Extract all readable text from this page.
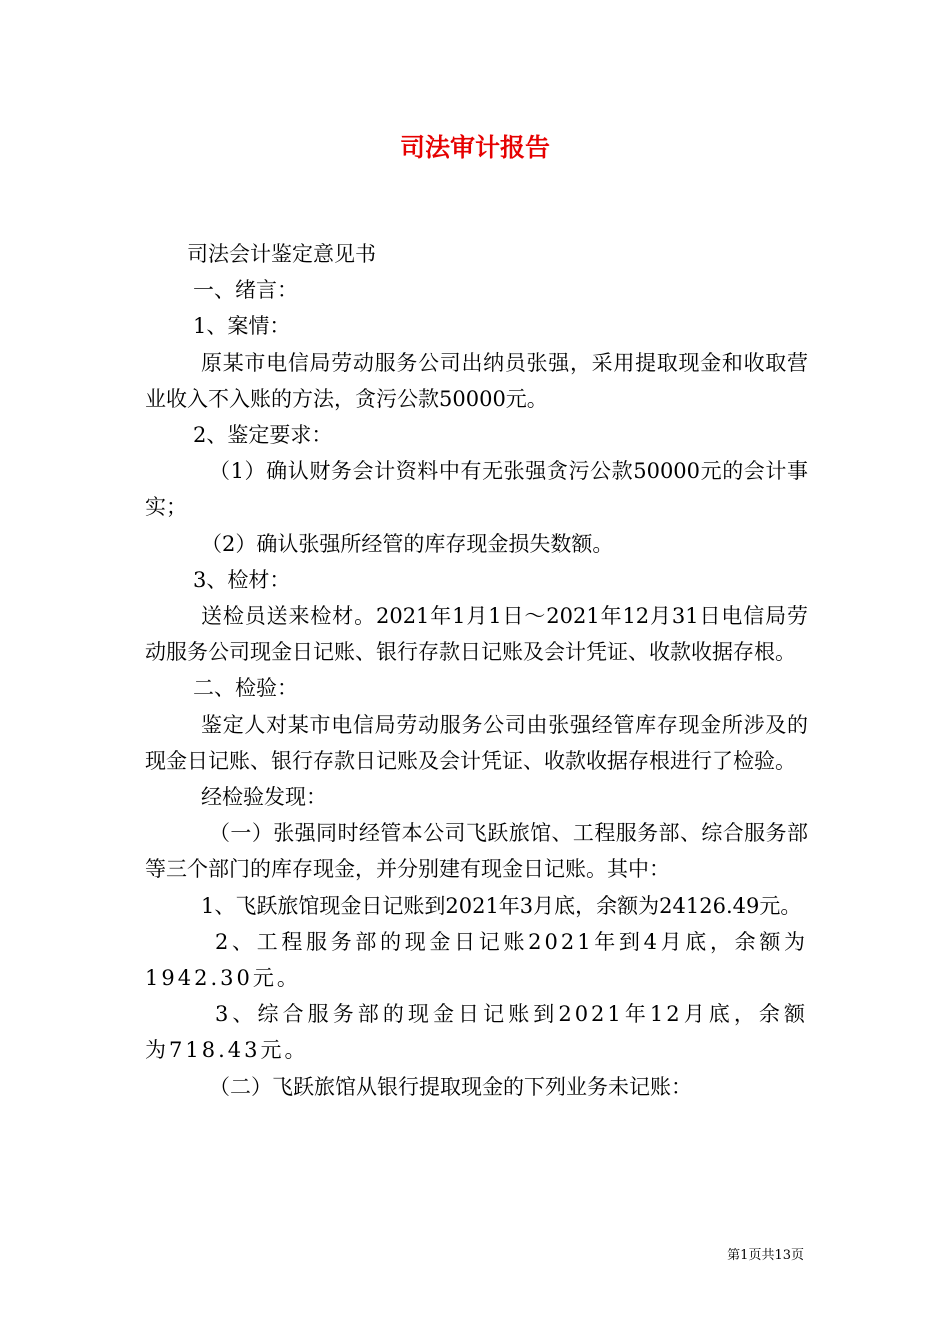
司法审计报告

司法会计鉴定意见书

一、绪言：

1、案情：

原某市电信局劳动服务公司出纳员张强，采用提取现金和收取营业收入不入账的方法，贪污公款50000元。

2、鉴定要求：

（1）确认财务会计资料中有无张强贪污公款50000元的会计事实；

（2）确认张强所经管的库存现金损失数额。

3、检材：

送检员送来检材。2021年1月1日～2021年12月31日电信局劳动服务公司现金日记账、银行存款日记账及会计凭证、收款收据存根。

二、检验：

鉴定人对某市电信局劳动服务公司由张强经管库存现金所涉及的现金日记账、银行存款日记账及会计凭证、收款收据存根进行了检验。

经检验发现：

（一）张强同时经管本公司飞跃旅馆、工程服务部、综合服务部等三个部门的库存现金，并分别建有现金日记账。其中：

1、飞跃旅馆现金日记账到2021年3月底，余额为24126.49元。

2、工程服务部的现金日记账2021年到4月底，余额为1942.30元。

3、综合服务部的现金日记账到2021年12月底，余额为718.43元。

（二）飞跃旅馆从银行提取现金的下列业务未记账：

第1页共13页
